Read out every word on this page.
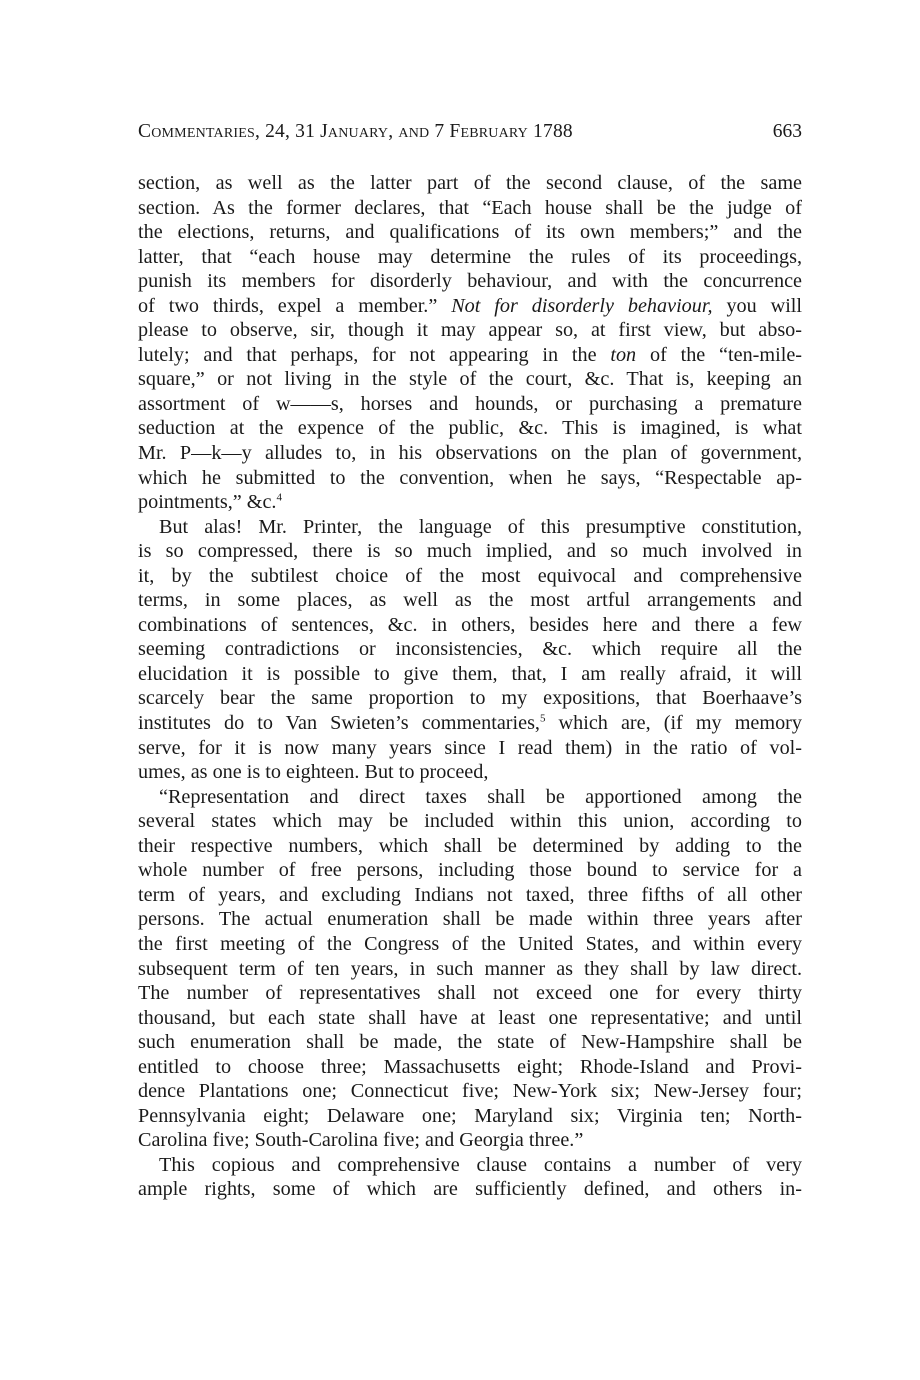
Commentaries, 24, 31 January, and 7 February 1788	663
section, as well as the latter part of the second clause, of the same
section. As the former declares, that “Each house shall be the judge of
the elections, returns, and qualifications of its own members;” and the
latter, that “each house may determine the rules of its proceedings,
punish its members for disorderly behaviour, and with the concurrence
of two thirds, expel a member.” Not for disorderly behaviour, you will
please to observe, sir, though it may appear so, at first view, but abso-
lutely; and that perhaps, for not appearing in the ton of the “ten-mile-
square,” or not living in the style of the court, &c. That is, keeping an
assortment of w——s, horses and hounds, or purchasing a premature
seduction at the expence of the public, &c. This is imagined, is what
Mr. P—k—y alludes to, in his observations on the plan of government,
which he submitted to the convention, when he says, “Respectable ap-
pointments,” &c.$^4$
But alas! Mr. Printer, the language of this presumptive constitution,
is so compressed, there is so much implied, and so much involved in
it, by the subtilest choice of the most equivocal and comprehensive
terms, in some places, as well as the most artful arrangements and
combinations of sentences, &c. in others, besides here and there a few
seeming contradictions or inconsistencies, &c. which require all the
elucidation it is possible to give them, that, I am really afraid, it will
scarcely bear the same proportion to my expositions, that Boerhaave’s
institutes do to Van Swieten’s commentaries,$^5$ which are, (if my memory
serve, for it is now many years since I read them) in the ratio of vol-
umes, as one is to eighteen. But to proceed,
“Representation and direct taxes shall be apportioned among the
several states which may be included within this union, according to
their respective numbers, which shall be determined by adding to the
whole number of free persons, including those bound to service for a
term of years, and excluding Indians not taxed, three fifths of all other
persons. The actual enumeration shall be made within three years after
the first meeting of the Congress of the United States, and within every
subsequent term of ten years, in such manner as they shall by law direct.
The number of representatives shall not exceed one for every thirty
thousand, but each state shall have at least one representative; and until
such enumeration shall be made, the state of New-Hampshire shall be
entitled to choose three; Massachusetts eight; Rhode-Island and Provi-
dence Plantations one; Connecticut five; New-York six; New-Jersey four;
Pennsylvania eight; Delaware one; Maryland six; Virginia ten; North-
Carolina five; South-Carolina five; and Georgia three.”
This copious and comprehensive clause contains a number of very
ample rights, some of which are sufficiently defined, and others in-
